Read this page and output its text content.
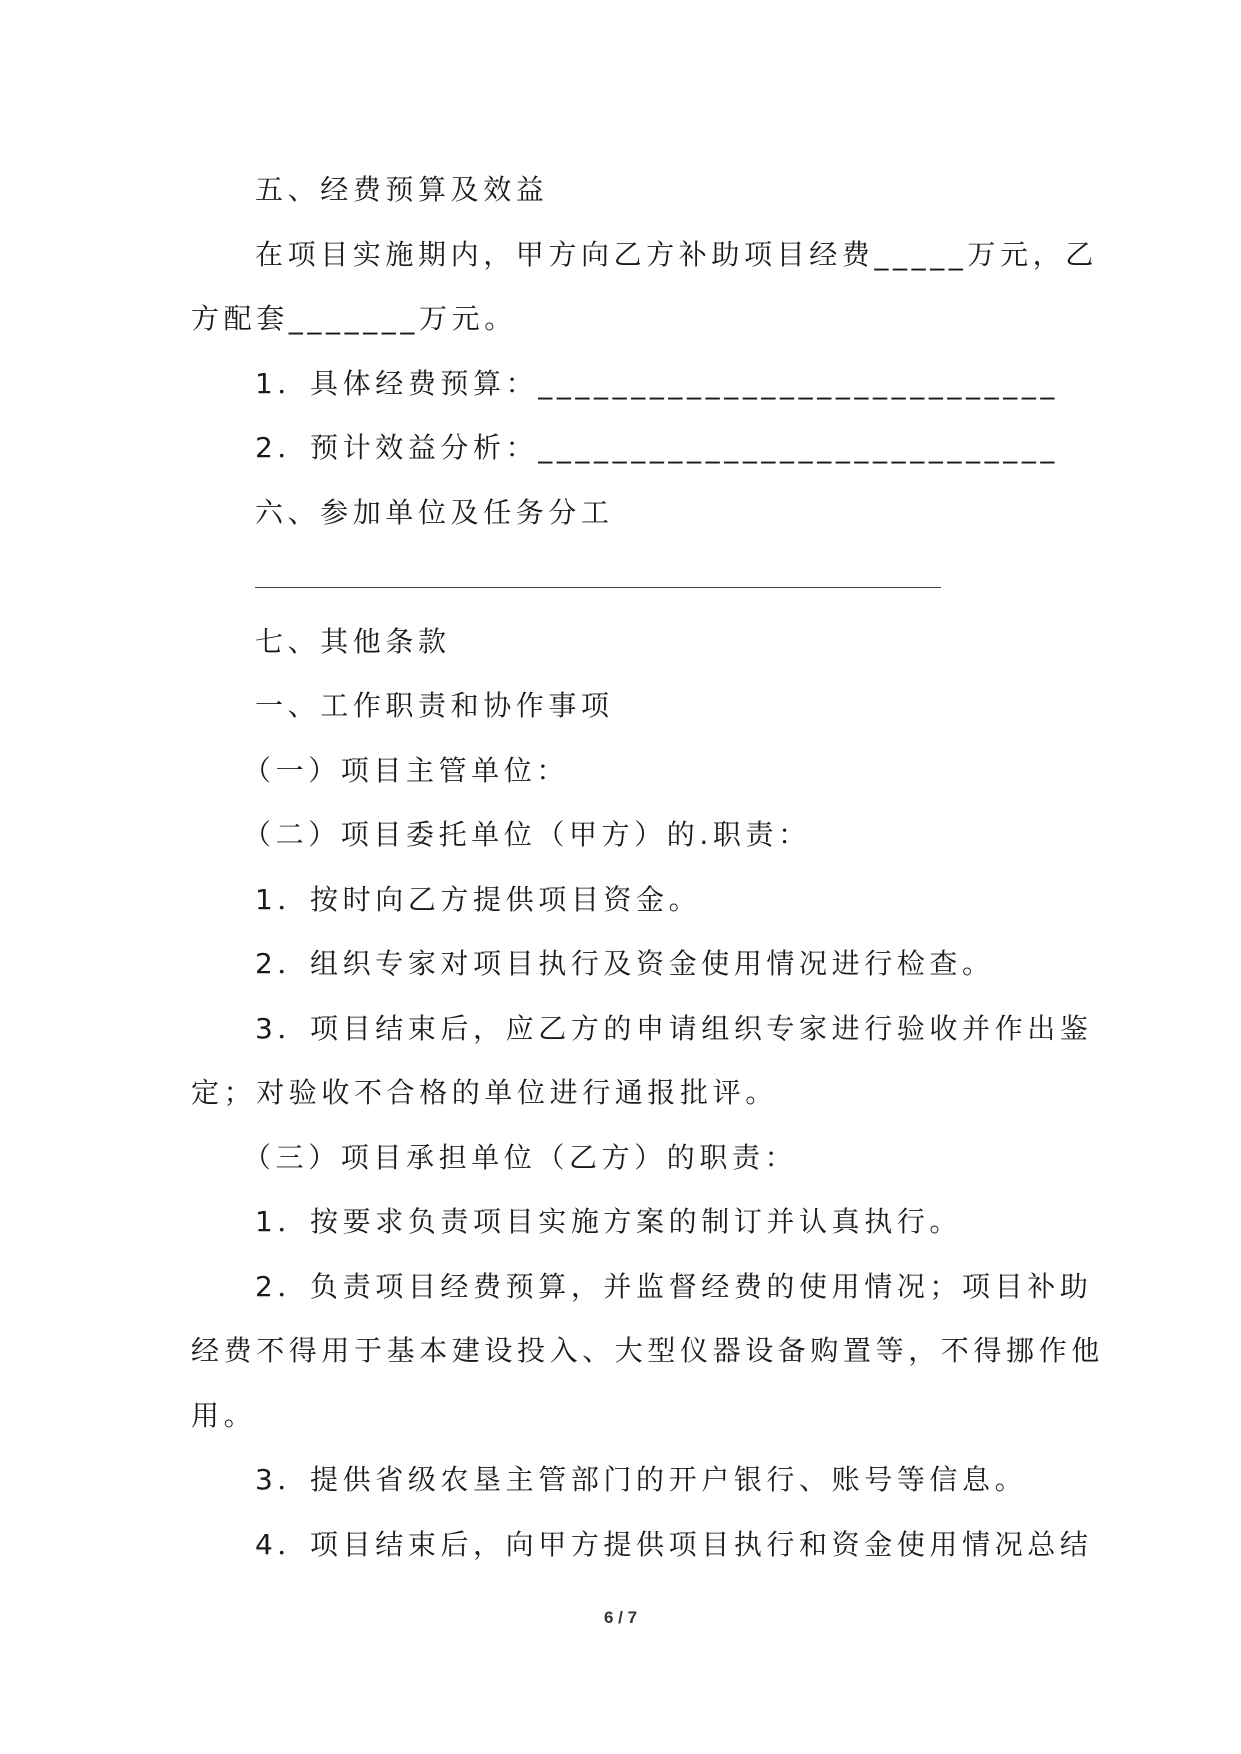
五、经费预算及效益
在项目实施期内，甲方向乙方补助项目经费_____万元，乙
方配套_______万元。
1．具体经费预算：____________________________
2．预计效益分析：____________________________
六、参加单位及任务分工
七、其他条款
一、工作职责和协作事项
（一）项目主管单位：
（二）项目委托单位（甲方）的.职责：
1．按时向乙方提供项目资金。
2．组织专家对项目执行及资金使用情况进行检查。
3．项目结束后，应乙方的申请组织专家进行验收并作出鉴
定；对验收不合格的单位进行通报批评。
（三）项目承担单位（乙方）的职责：
1．按要求负责项目实施方案的制订并认真执行。
2．负责项目经费预算，并监督经费的使用情况；项目补助
经费不得用于基本建设投入、大型仪器设备购置等，不得挪作他
用。
3．提供省级农垦主管部门的开户银行、账号等信息。
4．项目结束后，向甲方提供项目执行和资金使用情况总结
6 / 7
